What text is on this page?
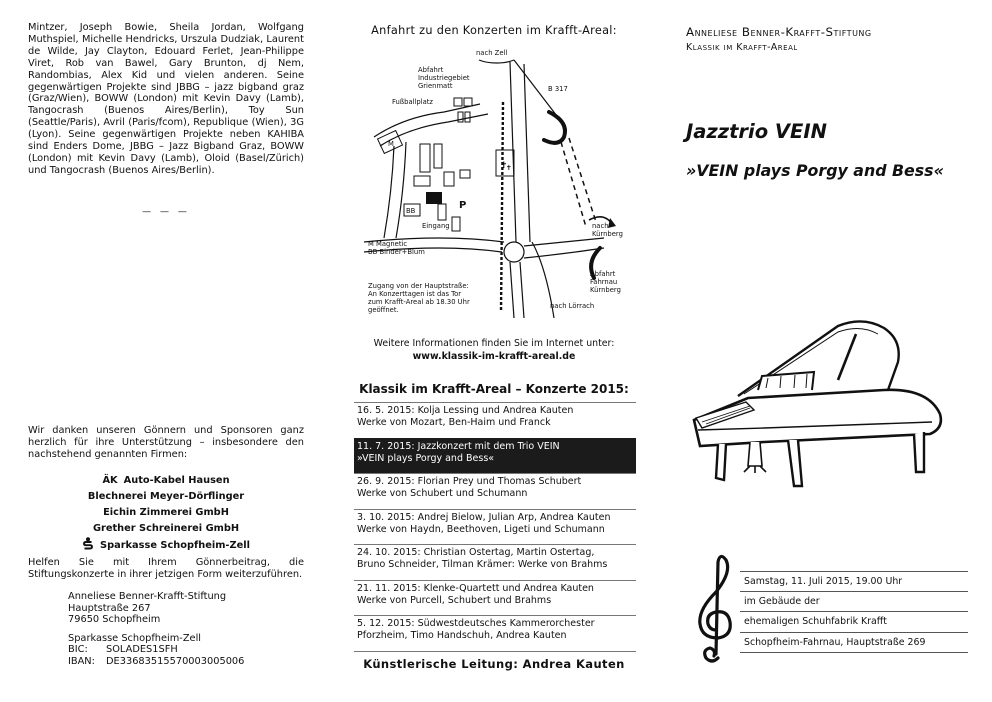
Mintzer, Joseph Bowie, Sheila Jordan, Wolfgang Muthspiel, Michelle Hendricks, Urszula Dudziak, Laurent de Wilde, Jay Clayton, Edouard Ferlet, Jean-Philippe Viret, Rob van Bawel, Gary Brunton, dj Nem, Randombias, Alex Kid und vielen anderen. Seine gegenwärtigen Projekte sind JBBG – jazz bigband graz (Graz/Wien), BOWW (London) mit Kevin Davy (Lamb), Tangocrash (Buenos Aires/Berlin), Toy Sun (Seattle/Paris), Avril (Paris/fcom), Republique (Wien), 3G (Lyon). Seine gegenwärtigen Projekte neben KAHIBA sind Enders Dome, JBBG – Jazz Bigband Graz, BOWW (London) mit Kevin Davy (Lamb), Oloid (Basel/Zürich) und Tangocrash (Buenos Aires/Berlin).
— — —
Wir danken unseren Gönnern und Sponsoren ganz herzlich für ihre Unterstützung – insbesondere den nachstehend genannten Firmen:
ÄK Auto-Kabel Hausen
Blechnerei Meyer-Dörflinger
Eichin Zimmerei GmbH
Grether Schreinerei GmbH
Sparkasse Schopfheim-Zell
Helfen Sie mit Ihrem Gönnerbeitrag, die Stiftungskonzerte in ihrer jetzigen Form weiterzuführen.
Anneliese Benner-Krafft-Stiftung
Hauptstraße 267
79650 Schopfheim
Sparkasse Schopfheim-Zell
BIC: SOLADES1SFH
IBAN: DE33683515570003005006
Anfahrt zu den Konzerten im Krafft-Areal:
✝
✝
nach Zell
Abfahrt
Industriegebiet
Grienmatt	B 317
Fußballplatz
M
P
BB
Eingang	nach
Kürnberg
M Magnetic
BB Binder+Blum
Abfahrt
Fahrnau
Kürnberg
Zugang von der Hauptstraße:
An Konzerttagen ist das Tor
zum Krafft-Areal ab 18.30 Uhr
geöffnet.	nach Lörrach
Weitere Informationen finden Sie im Internet unter:
www.klassik-im-krafft-areal.de
Klassik im Krafft-Areal – Konzerte 2015:
16. 5. 2015: Kolja Lessing und Andrea Kauten
Werke von Mozart, Ben-Haim und Franck
11. 7. 2015: Jazzkonzert mit dem Trio VEIN
»VEIN plays Porgy and Bess«
26. 9. 2015: Florian Prey und Thomas Schubert
Werke von Schubert und Schumann
3. 10. 2015: Andrej Bielow, Julian Arp, Andrea Kauten
Werke von Haydn, Beethoven, Ligeti und Schumann
24. 10. 2015: Christian Ostertag, Martin Ostertag,
Bruno Schneider, Tilman Krämer: Werke von Brahms
21. 11. 2015: Klenke-Quartett und Andrea Kauten
Werke von Purcell, Schubert und Brahms
5. 12. 2015: Südwestdeutsches Kammerorchester
Pforzheim, Timo Handschuh, Andrea Kauten
Künstlerische Leitung: Andrea Kauten
Anneliese Benner-Krafft-Stiftung
Klassik im Krafft-Areal
Jazztrio VEIN
»VEIN plays Porgy and Bess«
Samstag, 11. Juli 2015, 19.00 Uhr
im Gebäude der
ehemaligen Schuhfabrik Krafft
Schopfheim-Fahrnau, Hauptstraße 269
